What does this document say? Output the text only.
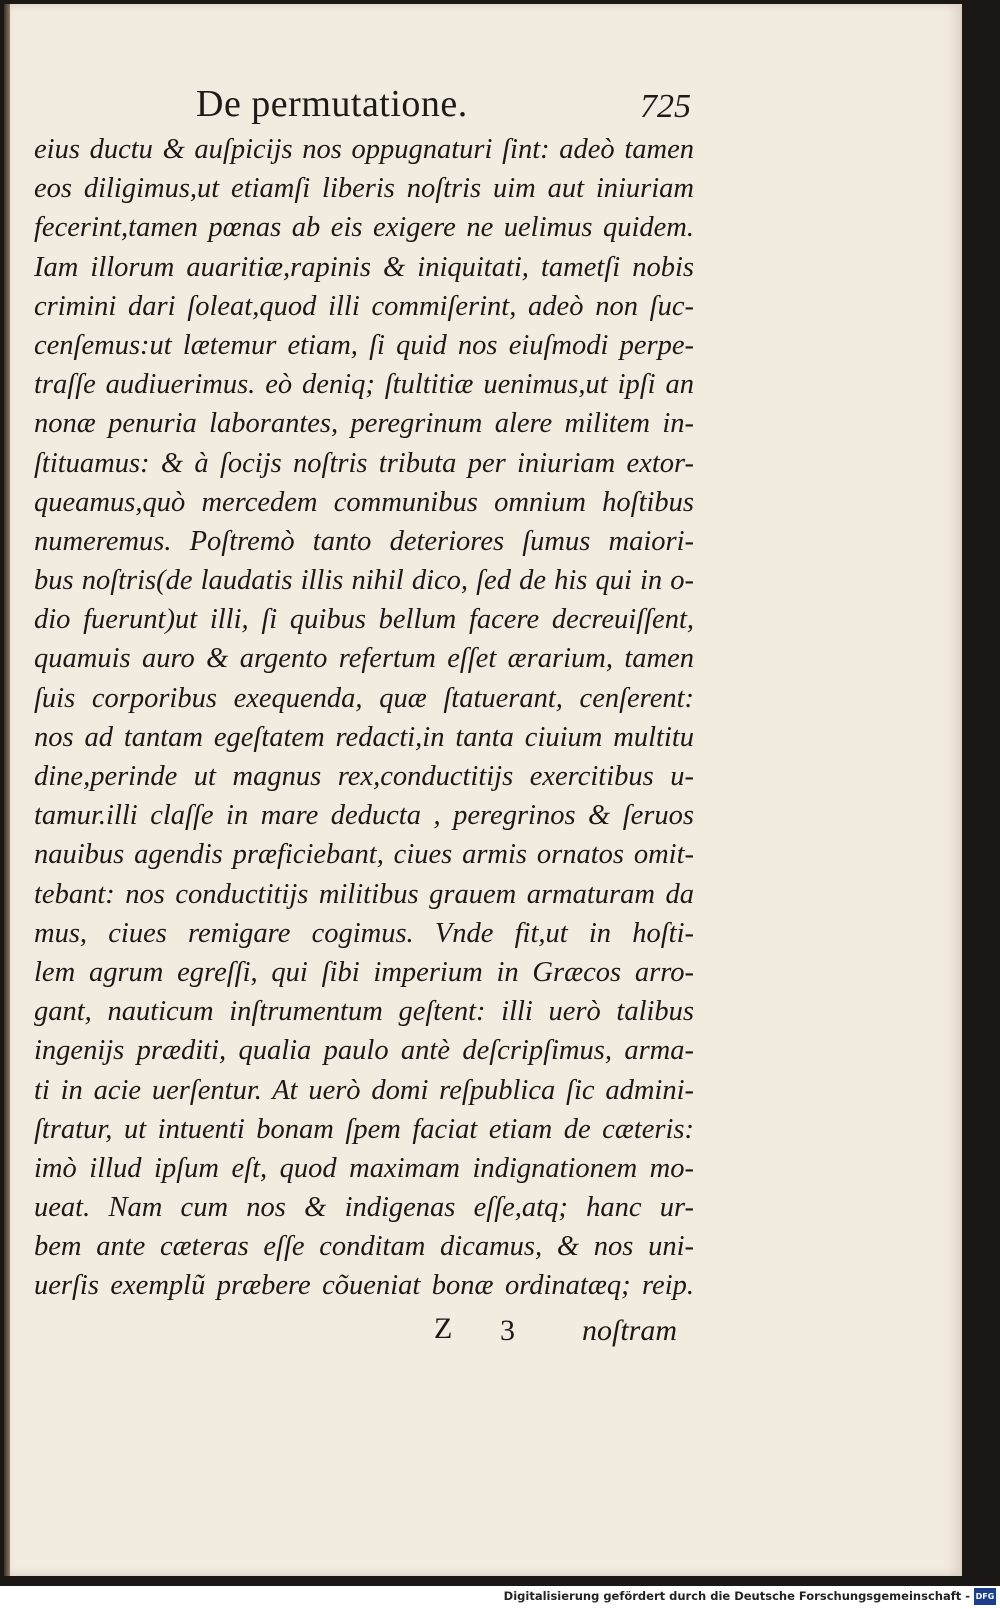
De permutatione.	725
eius ductu & auſpicijs nos oppugnaturi ſint: adeò tamen
eos diligimus,ut etiamſi liberis noſtris uim aut iniuriam
fecerint,tamen pœnas ab eis exigere ne uelimus quidem.
Iam illorum auaritiæ,rapinis & iniquitati, tametſi nobis
crimini dari ſoleat,quod illi commiſerint, adeò non ſuc-
cenſemus:ut lætemur etiam, ſi quid nos eiuſmodi perpe-
traſſe audiuerimus. eò deniq; ſtultitiæ uenimus,ut ipſi an
nonæ penuria laborantes, peregrinum alere militem in-
ſtituamus: & à ſocijs noſtris tributa per iniuriam extor-
queamus,quò mercedem communibus omnium hoſtibus
numeremus. Poſtremò tanto deteriores ſumus maiori-
bus noſtris(de laudatis illis nihil dico, ſed de his qui in o-
dio fuerunt)ut illi, ſi quibus bellum facere decreuiſſent,
quamuis auro & argento refertum eſſet ærarium, tamen
ſuis corporibus exequenda, quæ ſtatuerant, cenſerent:
nos ad tantam egeſtatem redacti,in tanta ciuium multitu
dine,perinde ut magnus rex,conductitijs exercitibus u-
tamur.illi claſſe in mare deducta , peregrinos & ſeruos
nauibus agendis præficiebant, ciues armis ornatos omit-
tebant: nos conductitijs militibus grauem armaturam da
mus, ciues remigare cogimus. Vnde fit,ut in hoſti-
lem agrum egreſſi, qui ſibi imperium in Græcos arro-
gant, nauticum inſtrumentum geſtent: illi uerò talibus
ingenijs præditi, qualia paulo antè deſcripſimus, arma-
ti in acie uerſentur. At uerò domi reſpublica ſic admini-
ſtratur, ut intuenti bonam ſpem faciat etiam de cæteris:
imò illud ipſum eſt, quod maximam indignationem mo-
ueat. Nam cum nos & indigenas eſſe,atq; hanc ur-
bem ante cæteras eſſe conditam dicamus, & nos uni-
uerſis exemplũ præbere cõueniat bonæ ordinatæq; reip.
Z 3 noſtram
Digitalisierung gefördert durch die Deutsche Forschungsgemeinschaft - DFG
